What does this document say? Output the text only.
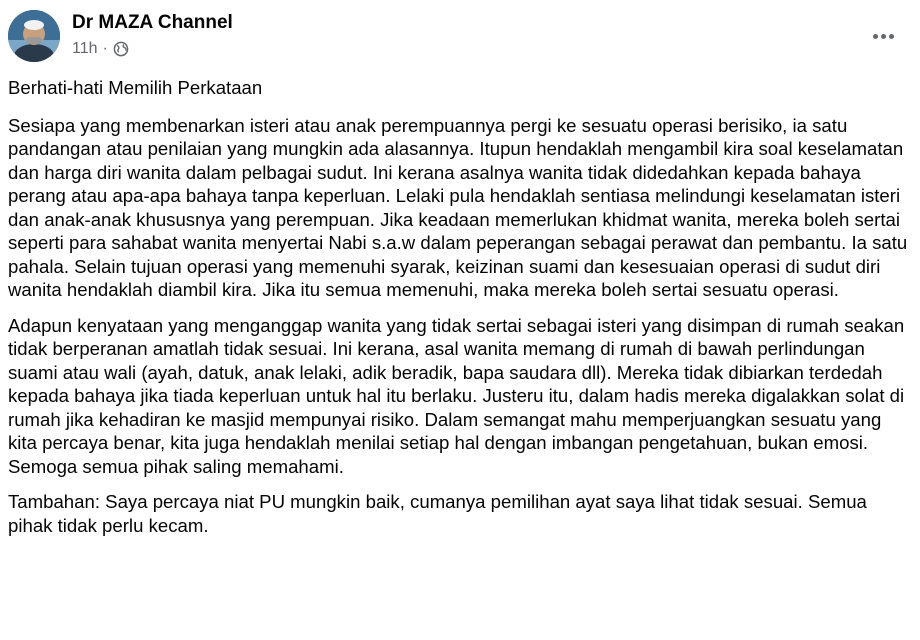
Dr MAZA Channel
11h ·

Berhati-hati Memilih Perkataan

Sesiapa yang membenarkan isteri atau anak perempuannya pergi ke sesuatu operasi berisiko, ia satu pandangan atau penilaian yang mungkin ada alasannya. Itupun hendaklah mengambil kira soal keselamatan dan harga diri wanita dalam pelbagai sudut. Ini kerana asalnya wanita tidak didedahkan kepada bahaya perang atau apa-apa bahaya tanpa keperluan. Lelaki pula hendaklah sentiasa melindungi keselamatan isteri dan anak-anak khususnya yang perempuan. Jika keadaan memerlukan khidmat wanita, mereka boleh sertai seperti para sahabat wanita menyertai Nabi s.a.w dalam peperangan sebagai perawat dan pembantu. Ia satu pahala. Selain tujuan operasi yang memenuhi syarak, keizinan suami dan kesesuaian operasi di sudut diri wanita hendaklah diambil kira. Jika itu semua memenuhi, maka mereka boleh sertai sesuatu operasi.

Adapun kenyataan yang menganggap wanita yang tidak sertai sebagai isteri yang disimpan di rumah seakan tidak berperanan amatlah tidak sesuai. Ini kerana, asal wanita memang di rumah di bawah perlindungan suami atau wali (ayah, datuk, anak lelaki, adik beradik, bapa saudara dll). Mereka tidak dibiarkan terdedah kepada bahaya jika tiada keperluan untuk hal itu berlaku. Justeru itu, dalam hadis mereka digalakkan solat di rumah jika kehadiran ke masjid mempunyai risiko. Dalam semangat mahu memperjuangkan sesuatu yang kita percaya benar, kita juga hendaklah menilai setiap hal dengan imbangan pengetahuan, bukan emosi. Semoga semua pihak saling memahami.

Tambahan: Saya percaya niat PU mungkin baik, cumanya pemilihan ayat saya lihat tidak sesuai. Semua pihak tidak perlu kecam.
